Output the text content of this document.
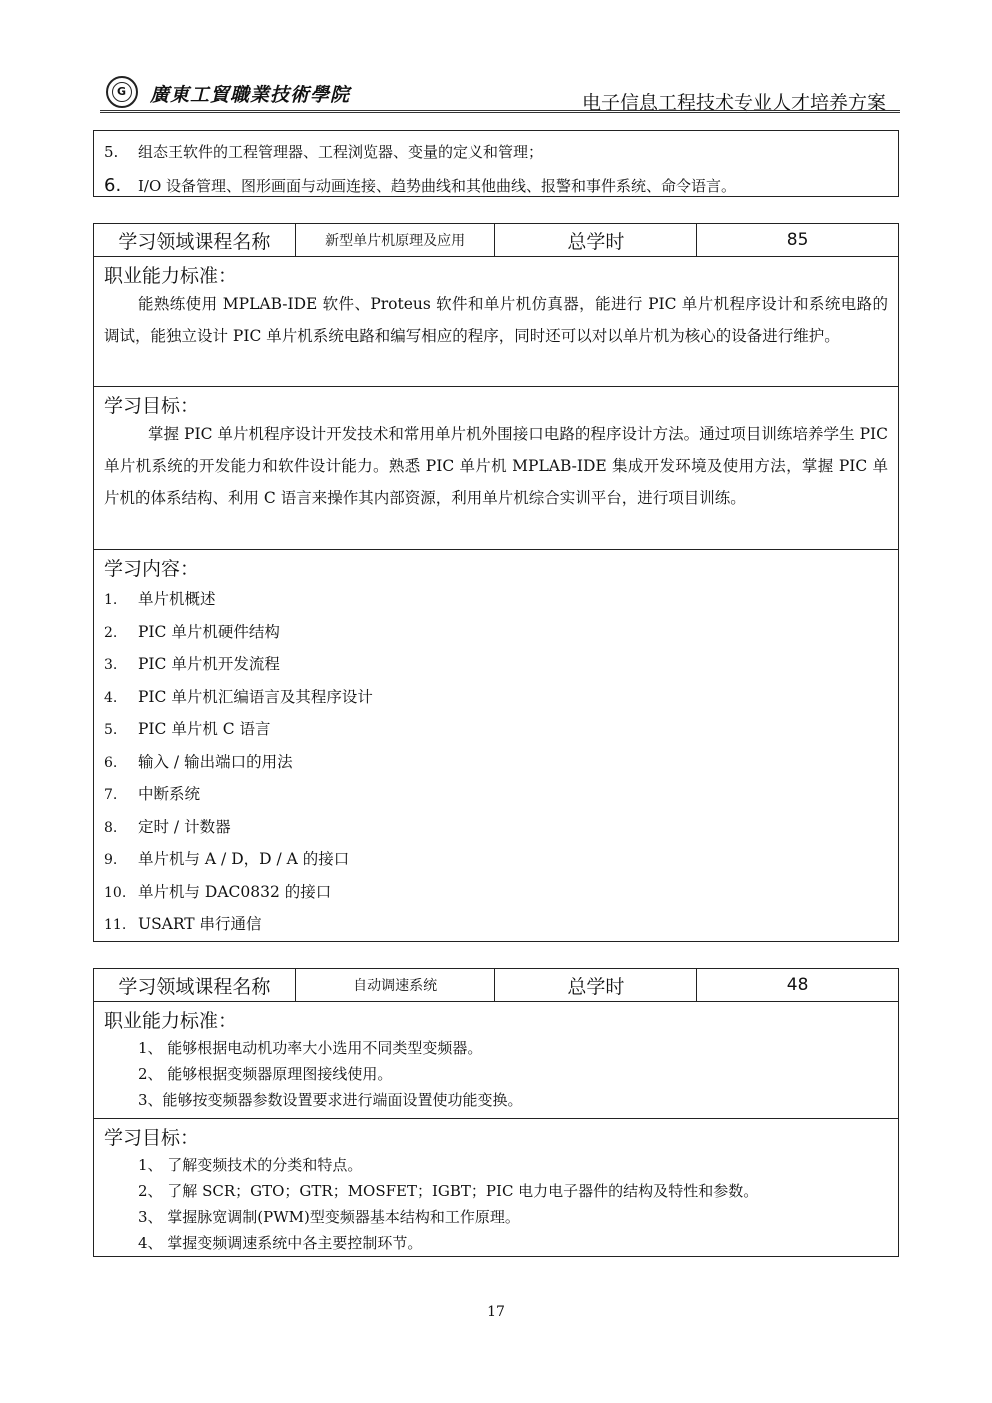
G 廣東工貿職業技術學院	电子信息工程技术专业人才培养方案
5. 组态王软件的工程管理器、工程浏览器、变量的定义和管理；
6. I/O 设备管理、图形画面与动画连接、趋势曲线和其他曲线、报警和事件系统、命令语言。
学习领域课程名称	新型单片机原理及应用	总学时	85

职业能力标准：
能熟练使用 MPLAB-IDE 软件、Proteus 软件和单片机仿真器，能进行 PIC 单片机程序设计和系统电路的调试，能独立设计 PIC 单片机系统电路和编写相应的程序，同时还可以对以单片机为核心的设备进行维护。

学习目标：
掌握 PIC 单片机程序设计开发技术和常用单片机外围接口电路的程序设计方法。通过项目训练培养学生 PIC 单片机系统的开发能力和软件设计能力。熟悉 PIC 单片机 MPLAB-IDE 集成开发环境及使用方法，掌握 PIC 单片机的体系结构、利用 C 语言来操作其内部资源，利用单片机综合实训平台，进行项目训练。

学习内容：
1. 单片机概述
2. PIC 单片机硬件结构
3. PIC 单片机开发流程
4. PIC 单片机汇编语言及其程序设计
5. PIC 单片机 C 语言
6. 输入 / 输出端口的用法
7. 中断系统
8. 定时 / 计数器
9. 单片机与 A / D，D / A 的接口
10. 单片机与 DAC0832 的接口
11. USART 串行通信
学习领域课程名称	自动调速系统	总学时	48

职业能力标准：
1、 能够根据电动机功率大小选用不同类型变频器。
2、 能够根据变频器原理图接线使用。
3、能够按变频器参数设置要求进行端面设置使功能变换。

学习目标：
1、 了解变频技术的分类和特点。
2、 了解 SCR；GTO；GTR；MOSFET；IGBT；PIC 电力电子器件的结构及特性和参数。
3、 掌握脉宽调制(PWM)型变频器基本结构和工作原理。
4、 掌握变频调速系统中各主要控制环节。
17
